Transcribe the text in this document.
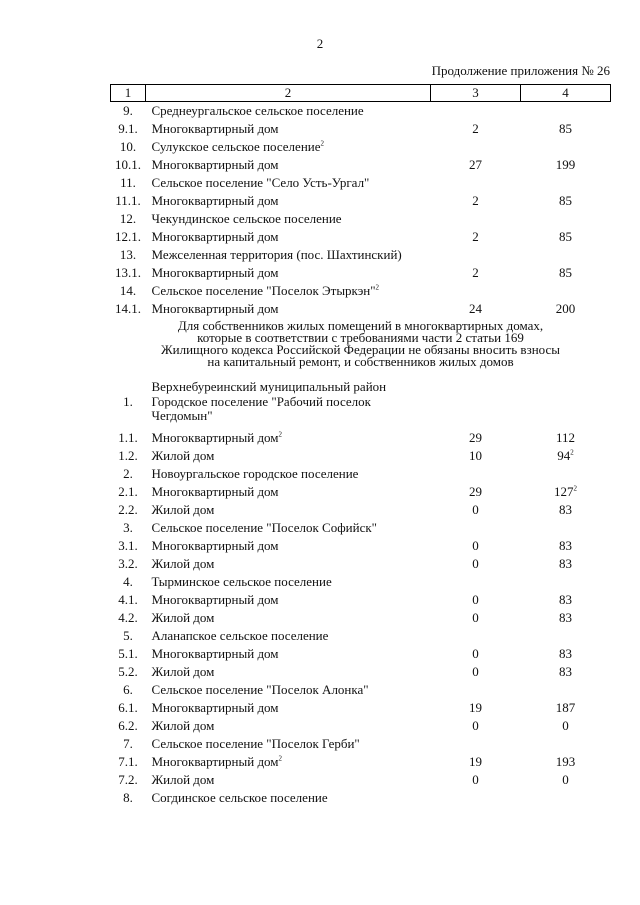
2
Продолжение приложения № 26
1	2	3	4
9.	Среднеургальское сельское поселение		
9.1.	Многоквартирный дом	2	85
10.	Сулукское сельское поселение$^2$		
10.1.	Многоквартирный дом	27	199
11.	Сельское поселение "Село Усть-Ургал"		
11.1.	Многоквартирный дом	2	85
12.	Чекундинское сельское поселение		
12.1.	Многоквартирный дом	2	85
13.	Межселенная территория (пос. Шахтинский)		
13.1.	Многоквартирный дом	2	85
14.	Сельское поселение "Поселок Этыркэн"$^2$		
14.1.	Многоквартирный дом	24	200

Для собственников жилых помещений в многоквартирных домах,
которые в соответствии с требованиями части 2 статьи 169
Жилищного кодекса Российской Федерации не обязаны вносить взносы
на капитальный ремонт, и собственников жилых домов			

	Верхнебуреинский муниципальный район		
1.	Городское поселение "Рабочий поселок Чегдомын"		
1.1.	Многоквартирный дом$^2$	29	112
1.2.	Жилой дом	10	$94^2$
2.	Новоургальское городское поселение		
2.1.	Многоквартирный дом	29	$127^2$
2.2.	Жилой дом	0	83
3.	Сельское поселение "Поселок Софийск"		
3.1.	Многоквартирный дом	0	83
3.2.	Жилой дом	0	83
4.	Тырминское сельское поселение		
4.1.	Многоквартирный дом	0	83
4.2.	Жилой дом	0	83
5.	Аланапское сельское поселение		
5.1.	Многоквартирный дом	0	83
5.2.	Жилой дом	0	83
6.	Сельское поселение "Поселок Алонка"		
6.1.	Многоквартирный дом	19	187
6.2.	Жилой дом	0	0
7.	Сельское поселение "Поселок Герби"		
7.1.	Многоквартирный дом$^2$	19	193
7.2.	Жилой дом	0	0
8.	Согдинское сельское поселение		
